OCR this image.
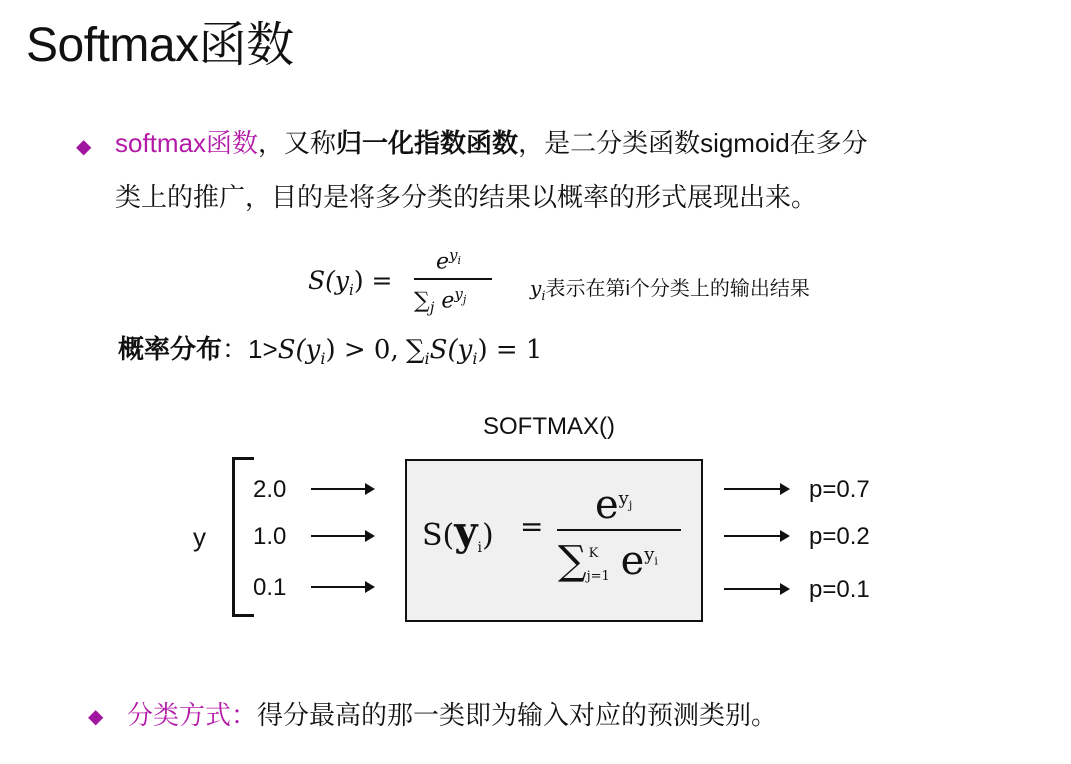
Softmax函数
◆ softmax函数，又称归一化指数函数，是二分类函数sigmoid在多分
类上的推广，目的是将多分类的结果以概率的形式展现出来。
$S(y_i)$ =
$e^{y_i}$
$\sum_j$ $e^{y_j}$	$y_i$表示在第i个分类上的输出结果
概率分布：$1>S(y_i) > 0$, $\sum_iS(y_i) = 1$
SOFTMAX()
y
2.0
1.0
0.1
$S(y_i) = e^{y_j}$
∑ K
j=1 $e^{y_i}$
p=0.7
p=0.2
p=0.1
◆ 分类方式：得分最高的那一类即为输入对应的预测类别。
